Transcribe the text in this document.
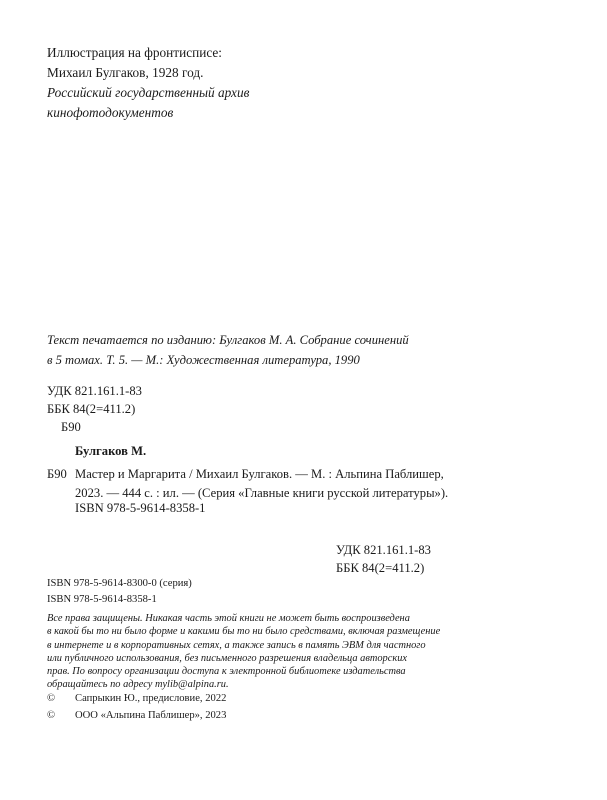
Иллюстрация на фронтисписе:
Михаил Булгаков, 1928 год.
Российский государственный архив
кинофотодокументов
Текст печатается по изданию: Булгаков М. А. Собрание сочинений
в 5 томах. Т. 5. — М.: Художественная литература, 1990
УДК 821.161.1-83
ББК 84(2=411.2)
Б90
Булгаков М.
Б90 Мастер и Маргарита / Михаил Булгаков. — М. : Альпина Паблишер,
2023. — 444 с. : ил. — (Серия «Главные книги русской литературы»).
ISBN 978-5-9614-8358-1
УДК 821.161.1-83
ББК 84(2=411.2)
ISBN 978-5-9614-8300-0 (серия)
ISBN 978-5-9614-8358-1
Все права защищены. Никакая часть этой книги не может быть воспроизведена
в какой бы то ни было форме и какими бы то ни было средствами, включая размещение
в интернете и в корпоративных сетях, а также запись в память ЭВМ для частного
или публичного использования, без письменного разрешения владельца авторских
прав. По вопросу организации доступа к электронной библиотеке издательства
обращайтесь по адресу mylib@alpina.ru.
© Сапрыкин Ю., предисловие, 2022
© ООО «Альпина Паблишер», 2023
